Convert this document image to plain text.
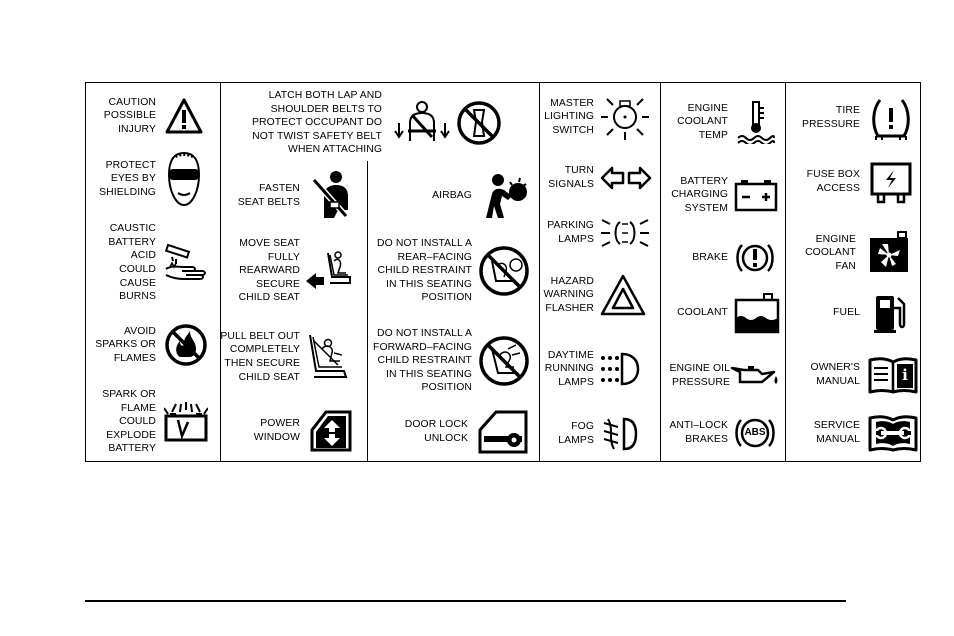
CAUTION POSSIBLE INJURY
PROTECT EYES BY SHIELDING
CAUSTIC BATTERY ACID COULD CAUSE BURNS
AVOID SPARKS OR FLAMES
SPARK OR FLAME COULD EXPLODE BATTERY
LATCH BOTH LAP AND SHOULDER BELTS TO PROTECT OCCUPANT DO NOT TWIST SAFETY BELT WHEN ATTACHING
FASTEN SEAT BELTS
MOVE SEAT FULLY REARWARD SECURE CHILD SEAT
PULL BELT OUT COMPLETELY THEN SECURE CHILD SEAT
POWER WINDOW
AIRBAG
DO NOT INSTALL A REAR–FACING CHILD RESTRAINT IN THIS SEATING POSITION
DO NOT INSTALL A FORWARD–FACING CHILD RESTRAINT IN THIS SEATING POSITION
DOOR LOCK UNLOCK
MASTER LIGHTING SWITCH
TURN SIGNALS
PARKING LAMPS
HAZARD WARNING FLASHER
DAYTIME RUNNING LAMPS
FOG LAMPS
ENGINE COOLANT TEMP
BATTERY CHARGING SYSTEM
BRAKE
COOLANT
ENGINE OIL PRESSURE
ANTI–LOCK BRAKES
ABS
TIRE PRESSURE
FUSE BOX ACCESS
ENGINE COOLANT FAN
FUEL
OWNER'S MANUAL	i
SERVICE MANUAL
